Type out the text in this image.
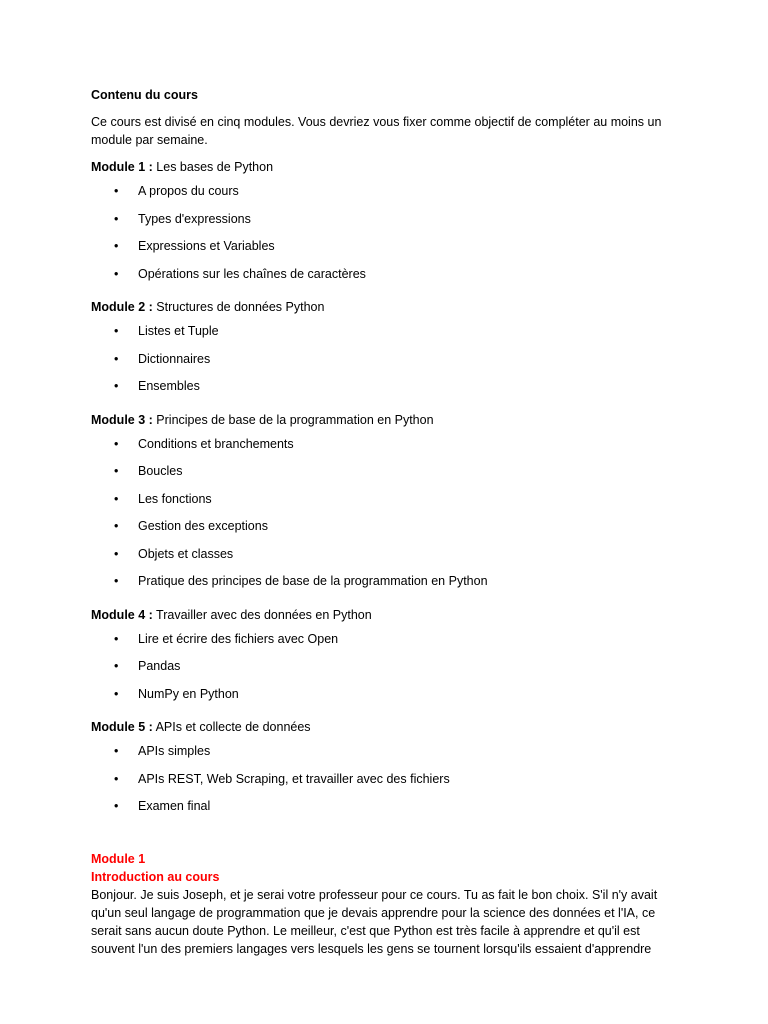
Contenu du cours

Ce cours est divisé en cinq modules. Vous devriez vous fixer comme objectif de compléter au moins un module par semaine.

Module 1 : Les bases de Python

• A propos du cours
• Types d'expressions
• Expressions et Variables
• Opérations sur les chaînes de caractères

Module 2 : Structures de données Python

• Listes et Tuple
• Dictionnaires
• Ensembles

Module 3 : Principes de base de la programmation en Python

• Conditions et branchements
• Boucles
• Les fonctions
• Gestion des exceptions
• Objets et classes
• Pratique des principes de base de la programmation en Python

Module 4 : Travailler avec des données en Python

• Lire et écrire des fichiers avec Open
• Pandas
• NumPy en Python

Module 5 : APIs et collecte de données

• APIs simples
• APIs REST, Web Scraping, et travailler avec des fichiers
• Examen final

Module 1

Introduction au cours

Bonjour. Je suis Joseph, et je serai votre professeur pour ce cours. Tu as fait le bon choix. S'il n'y avait qu'un seul langage de programmation que je devais apprendre pour la science des données et l'IA, ce serait sans aucun doute Python. Le meilleur, c'est que Python est très facile à apprendre et qu'il est souvent l'un des premiers langages vers lesquels les gens se tournent lorsqu'ils essaient d'apprendre
